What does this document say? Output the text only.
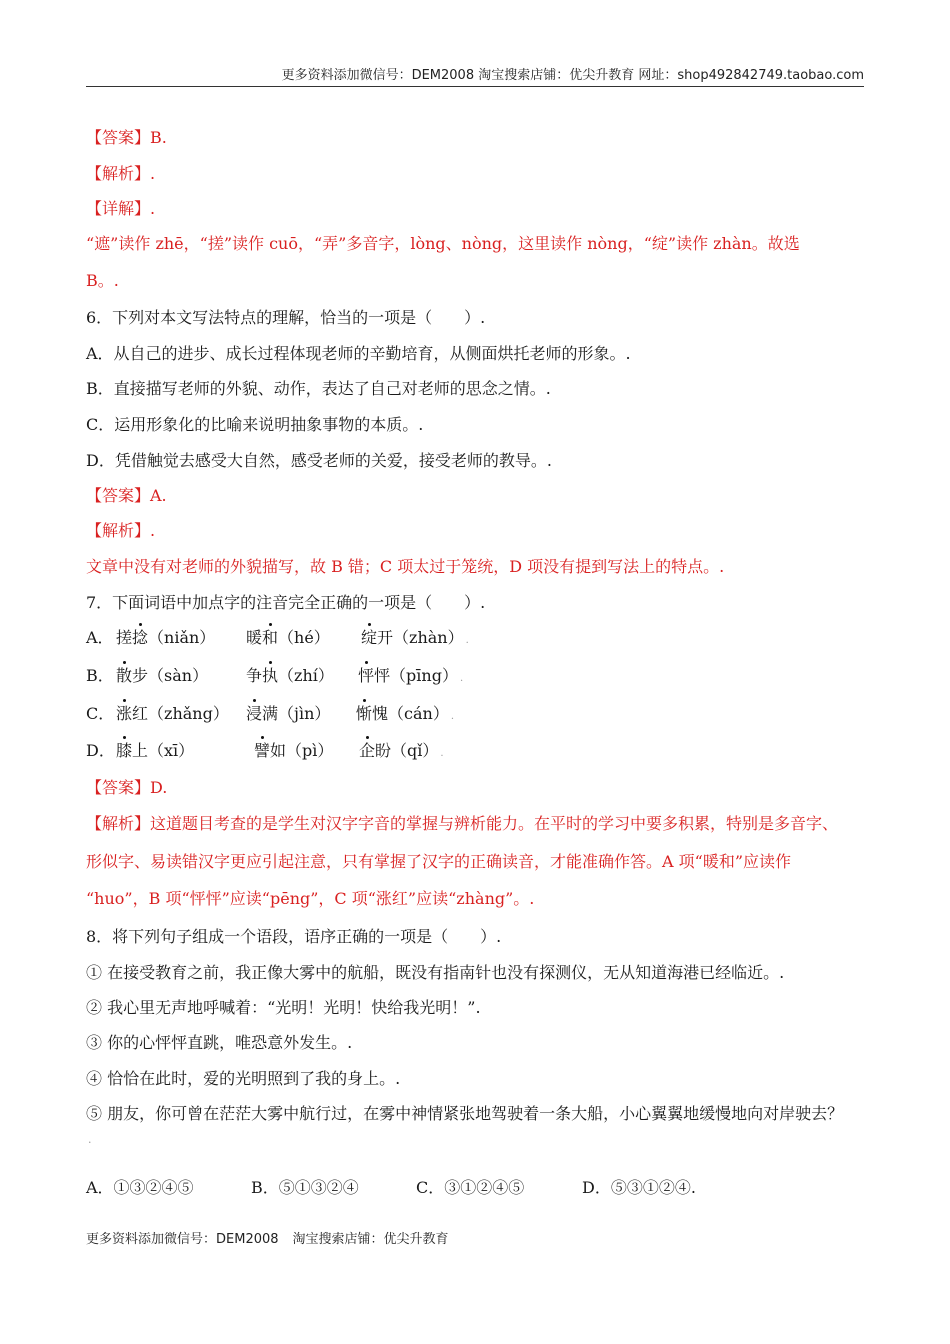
更多资料添加微信号：DEM2008 淘宝搜索店铺：优尖升教育 网址：shop492842749.taobao.com
【答案】B.
【解析】.
【详解】.
“遮”读作 zhē，“搓”读作 cuō，“弄”多音字，lòng、nòng，这里读作 nòng，“绽”读作 zhàn。故选
B。.
6．下列对本文写法特点的理解，恰当的一项是（　　）.
A．从自己的进步、成长过程体现老师的辛勤培育，从侧面烘托老师的形象。.
B．直接描写老师的外貌、动作，表达了自己对老师的思念之情。.
C．运用形象化的比喻来说明抽象事物的本质。.
D．凭借触觉去感受大自然，感受老师的关爱，接受老师的教导。.
【答案】A.
【解析】.
文章中没有对老师的外貌描写，故 B 错；C 项太过于笼统，D 项没有提到写法上的特点。.
7．下面词语中加点字的注音完全正确的一项是（　　）.
A． 搓捻（niǎn） 暖和（hé） 绽开（zhàn） .
B． 散步（sàn） 争执（zhí） 怦怦（pīng） .
C． 涨红（zhǎng） 浸满（jìn） 惭愧（cán） .
D． 膝上（xī）	譬如（pì） 企盼（qǐ） .
【答案】D.
【解析】这道题目考查的是学生对汉字字音的掌握与辨析能力。在平时的学习中要多积累，特别是多音字、
形似字、易读错汉字更应引起注意，只有掌握了汉字的正确读音，才能准确作答。A 项“暖和”应读作
“huo”，B 项“怦怦”应读“pēng”，C 项“涨红”应读“zhàng”。.
8．将下列句子组成一个语段，语序正确的一项是（　　）.
① 在接受教育之前，我正像大雾中的航船，既没有指南针也没有探测仪，无从知道海港已经临近。.
② 我心里无声地呼喊着：“光明！光明！快给我光明！”.
③ 你的心怦怦直跳，唯恐意外发生。.
④ 恰恰在此时，爱的光明照到了我的身上。.
⑤ 朋友，你可曾在茫茫大雾中航行过，在雾中神情紧张地驾驶着一条大船，小心翼翼地缓慢地向对岸驶去？
.
A．①③②④⑤	B．⑤①③②④	C．③①②④⑤	D．⑤③①②④.
更多资料添加微信号：DEM2008 淘宝搜索店铺：优尖升教育
